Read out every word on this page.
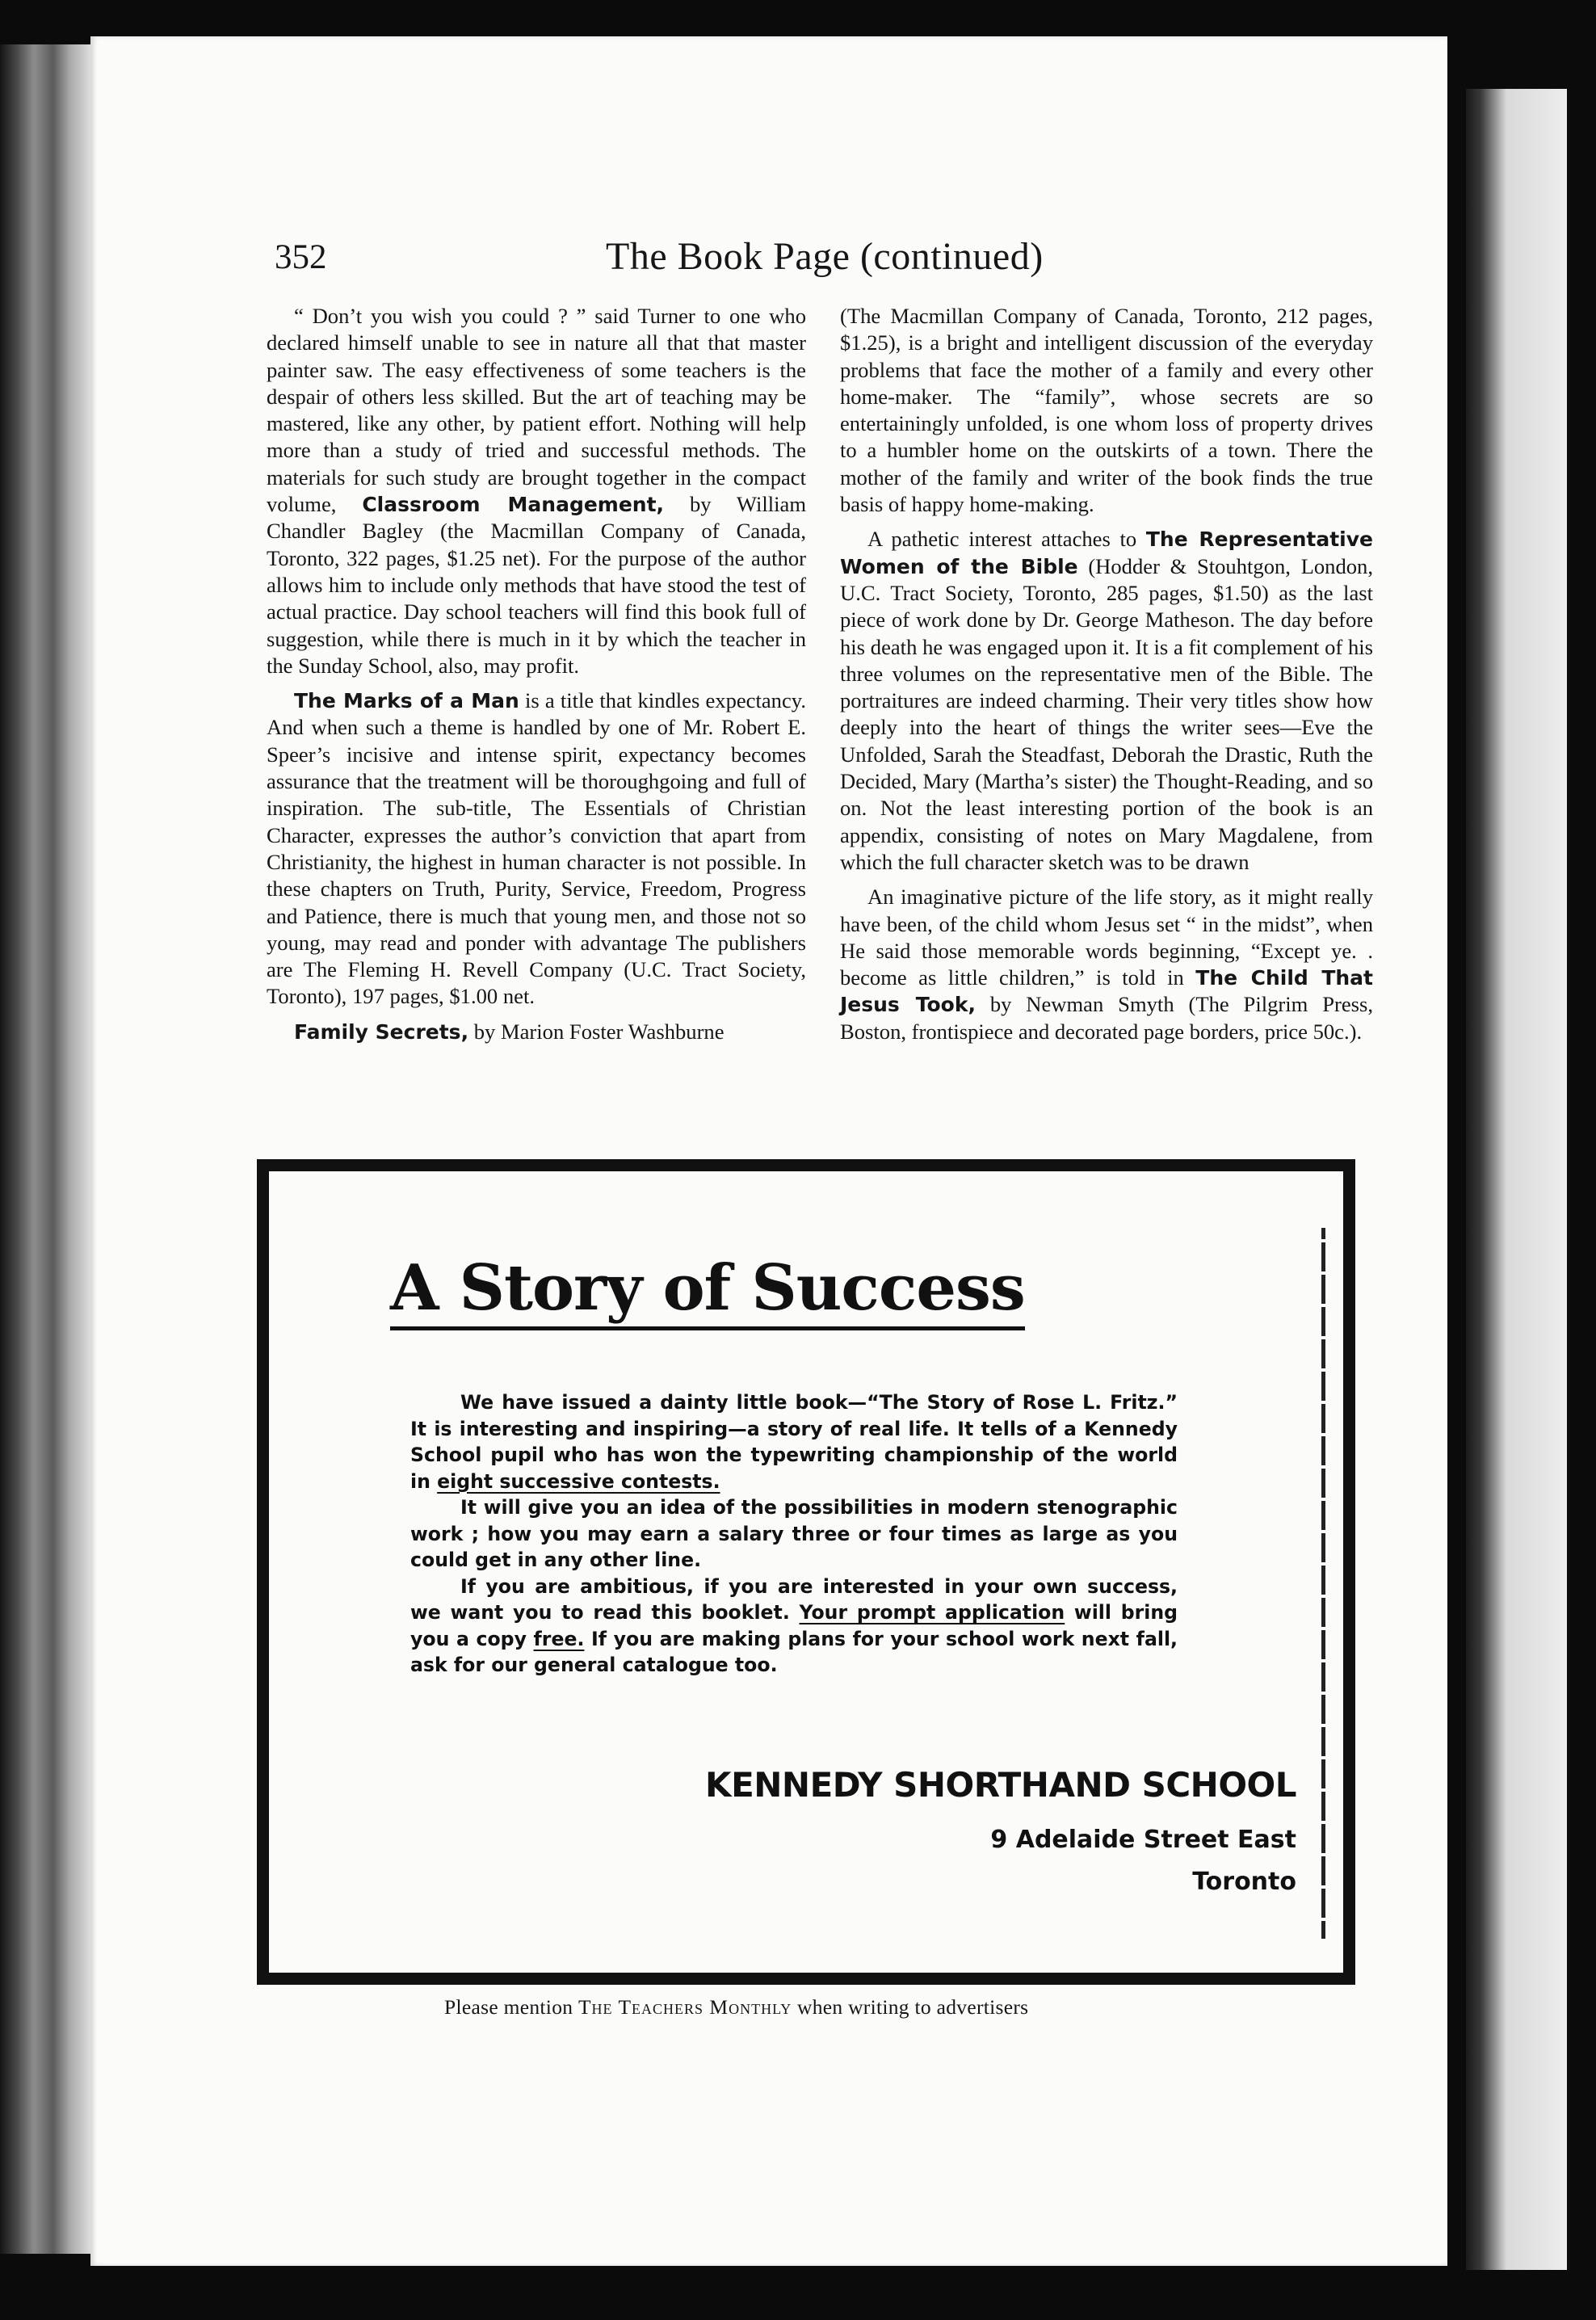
352	The Book Page (continued)

“ Don’t you wish you could ? ” said Turner to one who declared himself unable to see in nature all that that master painter saw. The easy effectiveness of some teachers is the despair of others less skilled. But the art of teaching may be mastered, like any other, by patient effort. Nothing will help more than a study of tried and successful methods. The materials for such study are brought together in the compact volume, Classroom Management, by William Chandler Bagley (the Macmillan Company of Canada, Toronto, 322 pages, $1.25 net). For the purpose of the author allows him to include only methods that have stood the test of actual practice. Day school teachers will find this book full of suggestion, while there is much in it by which the teacher in the Sunday School, also, may profit.

The Marks of a Man is a title that kindles expectancy. And when such a theme is handled by one of Mr. Robert E. Speer’s incisive and intense spirit, expectancy becomes assurance that the treatment will be thoroughgoing and full of inspiration. The sub-title, The Essentials of Christian Character, expresses the author’s conviction that apart from Christianity, the highest in human character is not possible. In these chapters on Truth, Purity, Service, Freedom, Progress and Patience, there is much that young men, and those not so young, may read and ponder with advantage The publishers are The Fleming H. Revell Company (U.C. Tract Society, Toronto), 197 pages, $1.00 net.

Family Secrets, by Marion Foster Washburne

(The Macmillan Company of Canada, Toronto, 212 pages, $1.25), is a bright and intelligent discussion of the everyday problems that face the mother of a family and every other home-maker. The “family”, whose secrets are so entertainingly unfolded, is one whom loss of property drives to a humbler home on the outskirts of a town. There the mother of the family and writer of the book finds the true basis of happy home-making.

A pathetic interest attaches to The Representative Women of the Bible (Hodder & Stouhtgon, London, U.C. Tract Society, Toronto, 285 pages, $1.50) as the last piece of work done by Dr. George Matheson. The day before his death he was engaged upon it. It is a fit complement of his three volumes on the representative men of the Bible. The portraitures are indeed charming. Their very titles show how deeply into the heart of things the writer sees—Eve the Unfolded, Sarah the Steadfast, Deborah the Drastic, Ruth the Decided, Mary (Martha’s sister) the Thought-Reading, and so on. Not the least interesting portion of the book is an appendix, consisting of notes on Mary Magdalene, from which the full character sketch was to be drawn

An imaginative picture of the life story, as it might really have been, of the child whom Jesus set “ in the midst”, when He said those memorable words beginning, “Except ye. . become as little children,” is told in The Child That Jesus Took, by Newman Smyth (The Pilgrim Press, Boston, frontispiece and decorated page borders, price 50c.).

A Story of Success

We have issued a dainty little book—“The Story of Rose L. Fritz.” It is interesting and inspiring—a story of real life. It tells of a Kennedy School pupil who has won the typewriting championship of the world in eight successive contests.

It will give you an idea of the possibilities in modern stenographic work ; how you may earn a salary three or four times as large as you could get in any other line.

If you are ambitious, if you are interested in your own success, we want you to read this booklet. Your prompt application will bring you a copy free. If you are making plans for your school work next fall, ask for our general catalogue too.

KENNEDY SHORTHAND SCHOOL
9 Adelaide Street East
Toronto
Please mention The Teachers Monthly when writing to advertisers
